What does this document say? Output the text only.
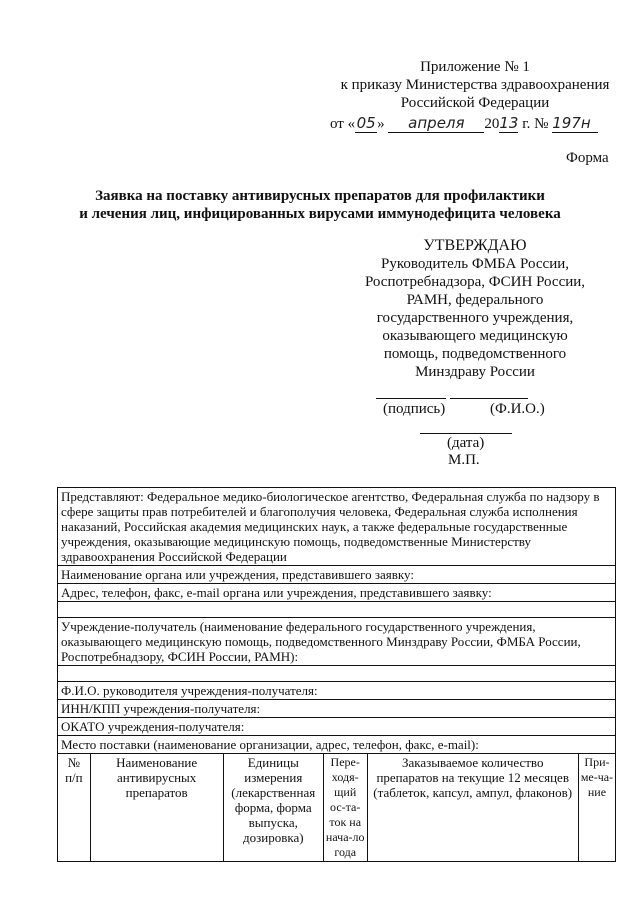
Приложение № 1
к приказу Министерства здравоохранения
Российской Федерации
от «05» апреля 2013 г. № 197н
Форма
Заявка на поставку антивирусных препаратов для профилактики
и лечения лиц, инфицированных вирусами иммунодефицита человека
УТВЕРЖДАЮ
Руководитель ФМБА России,
Роспотребнадзора, ФСИН России,
РАМН, федерального
государственного учреждения,
оказывающего медицинскую
помощь, подведомственного
Минздраву России
(подпись)	(Ф.И.О.)
(дата)
М.П.
Представляют: Федеральное медико-биологическое агентство, Федеральная служба по надзору в сфере защиты прав потребителей и благополучия человека, Федеральная служба исполнения наказаний, Российская академия медицинских наук, а также федеральные государственные учреждения, оказывающие медицинскую помощь, подведомственные Министерству здравоохранения Российской Федерации
Наименование органа или учреждения, представившего заявку:
Адрес, телефон, факс, e-mail органа или учреждения, представившего заявку:

Учреждение-получатель (наименование федерального государственного учреждения, оказывающего медицинскую помощь, подведомственного Минздраву России, ФМБА России, Роспотребнадзору, ФСИН России, РАМН):

Ф.И.О. руководителя учреждения-получателя:
ИНН/КПП учреждения-получателя:
ОКАТО учреждения-получателя:
Место поставки (наименование организации, адрес, телефон, факс, e-mail):
№ п/п	Наименование антивирусных препаратов	Единицы измерения (лекарственная форма, форма выпуска, дозировка)	Пере-ходя-щий ос-та-ток на нача-ло года	Заказываемое количество препаратов на текущие 12 месяцев (таблеток, капсул, ампул, флаконов)	При-ме-ча-ние
